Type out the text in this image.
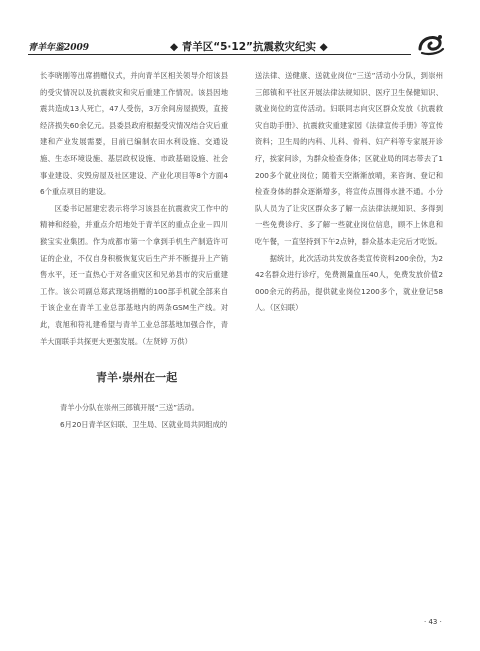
青羊年鉴2009	◆ 青羊区“5·12”抗震救灾纪实 ◆

长李晓刚等出席捐赠仪式，并向青羊区相关领导介绍该县的受灾情况以及抗震救灾和灾后重建工作情况。该县因地震共造成13人死亡，47人受伤，3万余间房屋损毁，直接经济损失60余亿元。县委县政府根据受灾情况结合灾后重建和产业发展需要，目前已编制农田水利设施、交通设施、生态环境设施、基层政权设施、市政基础设施、社会事业建设、灾毁房屋及社区建设、产业化项目等8个方面46个重点项目的建设。

区委书记屈建宏表示将学习该县在抗震救灾工作中的精神和经验，并重点介绍地处于青羊区的重点企业－四川猴宝实业集团。作为成都市第一个拿到手机生产制造许可证的企业，不仅自身积极恢复灾后生产并不断提升上产销售水平，还一直热心于对各重灾区和兄弟县市的灾后重建工作。该公司副总郑武现场捐赠的100部手机就全部来自于该企业在青羊工业总部基地内的两条GSM生产线。对此，袁旭和符礼建希望与青羊工业总部基地加强合作，青羊大面联手共探更大更强发展。（左贤婷 万供）

送法律、送健康、送就业岗位“三送”活动小分队，到崇州三郎镇和平社区开展法律法规知识、医疗卫生保健知识、就业岗位的宣传活动。妇联同志向灾区群众发放《抗震救灾自助手册》、抗震救灾重建家园《法律宣传手册》等宣传资料；卫生局的内科、儿科、骨科、妇产科等专家展开诊疗，挨家问诊，为群众检查身体；区就业局的同志带去了1200多个就业岗位；随着天空渐渐放晴，来咨询、登记和检查身体的群众逐渐增多，将宣传点围得水泄不通。小分队人员为了让灾区群众多了解一点法律法规知识、多得到一些免费诊疗、多了解一些就业岗位信息，顾不上休息和吃午餐，一直坚持到下午2点钟，群众基本走完后才吃饭。

据统计，此次活动共发放各类宣传资料200余份，为242名群众进行诊疗，免费测量血压40人，免费发放价值2000余元的药品，提供就业岗位1200多个，就业登记58人。（区妇联）

青羊·崇州在一起

青羊小分队在崇州三郎镇开展“三送”活动。

6月20日青羊区妇联、卫生局、区就业局共同组成的

· 43 ·
